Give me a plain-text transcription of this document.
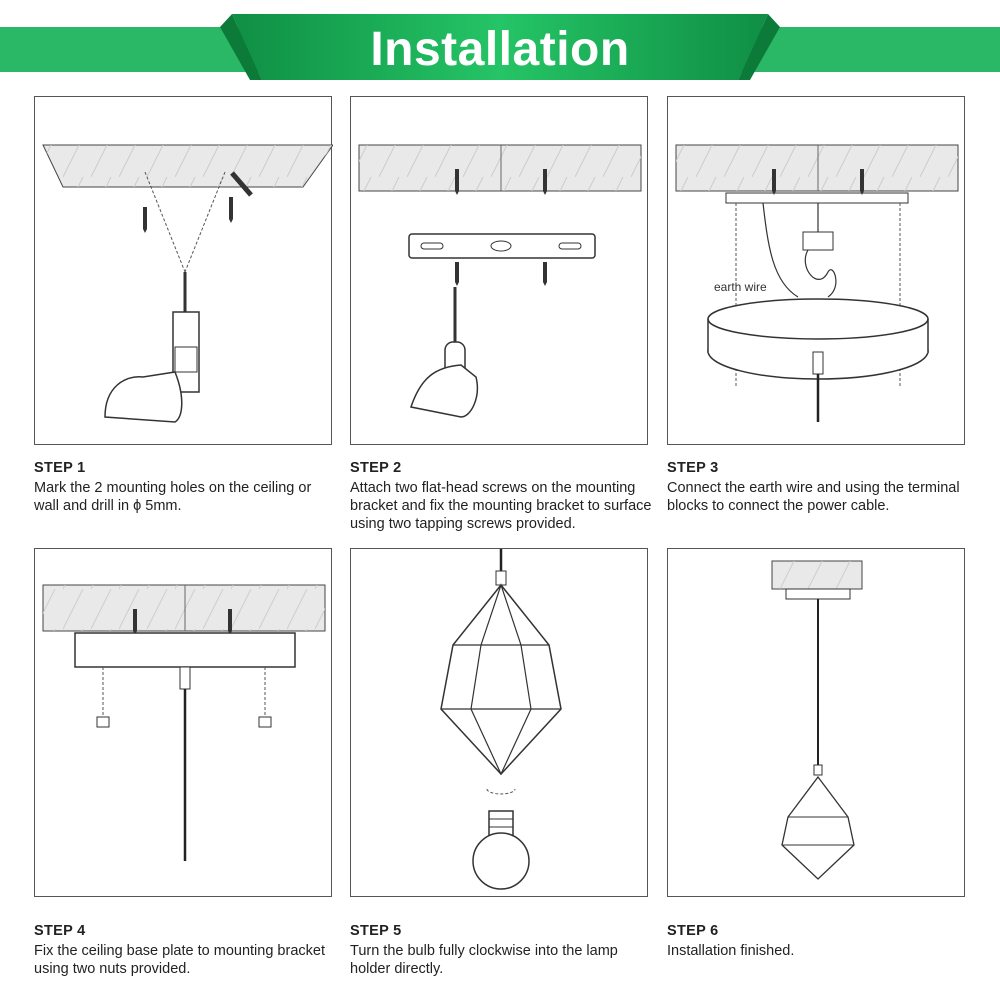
Installation

STEP 1

Mark the 2 mounting holes on the ceiling or wall and drill in ϕ 5mm.

STEP 2

Attach two flat-head screws on the mounting bracket and fix the mounting bracket to surface using two tapping screws provided.

earth wire

STEP 3

Connect the earth wire and using the terminal blocks to connect the power cable.

STEP 4

Fix the ceiling base plate to mounting bracket using two nuts provided.

STEP 5

Turn the bulb fully clockwise into the lamp holder directly.

STEP 6

Installation finished.
